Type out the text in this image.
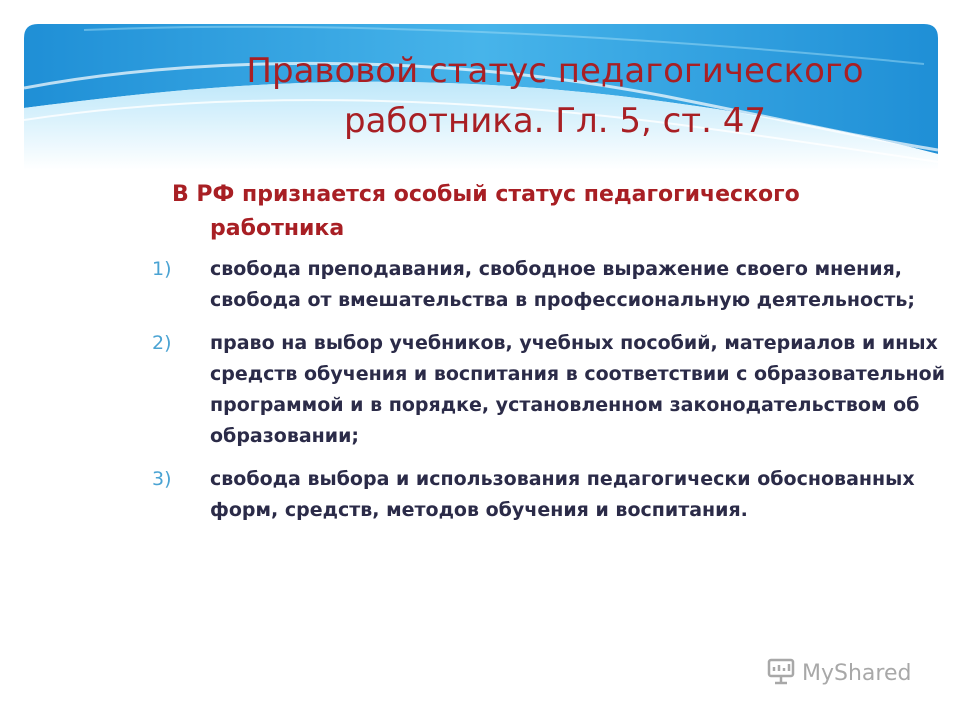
Правовой статус педагогического
работника. Гл. 5, ст. 47

В РФ признается особый статус педагогического работника

1) свобода преподавания, свободное выражение своего мнения, свобода от вмешательства в профессиональную деятельность;
2) право на выбор учебников, учебных пособий, материалов и иных средств обучения и воспитания в соответствии с образовательной программой и в порядке, установленном законодательством об образовании;
3) свобода выбора и использования педагогически обоснованных форм, средств, методов обучения и воспитания.
MyShared
